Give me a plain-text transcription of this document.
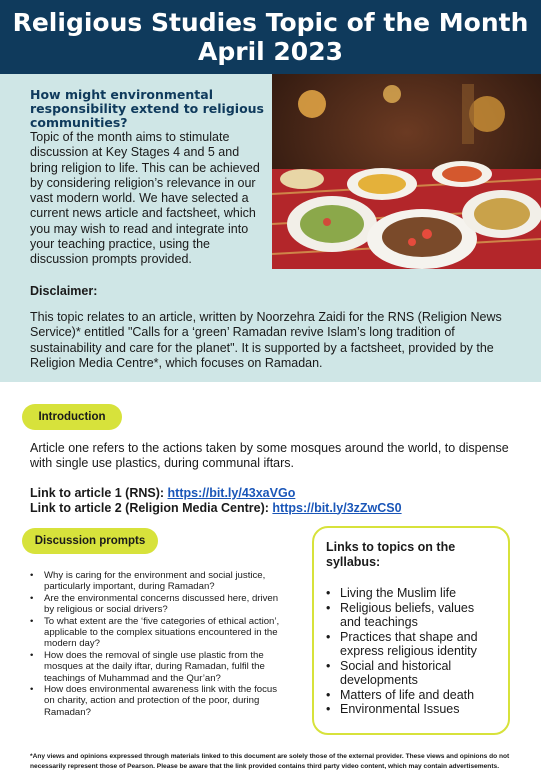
Religious Studies Topic of the Month
April 2023
How might environmental responsibility extend to religious communities?
Topic of the month aims to stimulate discussion at Key Stages 4 and 5 and bring religion to life. This can be achieved by considering religion’s relevance in our vast modern world. We have selected a current news article and factsheet, which you may wish to read and integrate into your teaching practice, using the discussion prompts provided.
Disclaimer:
This topic relates to an article, written by Noorzehra Zaidi for the RNS (Religion News Service)* entitled "Calls for a ‘green’ Ramadan revive Islam’s long tradition of sustainability and care for the planet". It is supported by a factsheet, provided by the Religion Media Centre*, which focuses on Ramadan.
Introduction
Article one refers to the actions taken by some mosques around the world, to dispense with single use plastics, during communal iftars.
Link to article 1 (RNS): https://bit.ly/43xaVGo
Link to article 2 (Religion Media Centre): https://bit.ly/3zZwCS0
Discussion prompts
• Why is caring for the environment and social justice, particularly important, during Ramadan?
• Are the environmental concerns discussed here, driven by religious or social drivers?
• To what extent are the ‘five categories of ethical action’, applicable to the complex situations encountered in the modern day?
• How does the removal of single use plastic from the mosques at the daily iftar, during Ramadan, fulfil the teachings of Muhammad and the Qur’an?
• How does environmental awareness link with the focus on charity, action and protection of the poor, during Ramadan?
Links to topics on the syllabus:
• Living the Muslim life
• Religious beliefs, values and teachings
• Practices that shape and express religious identity
• Social and historical developments
• Matters of life and death
• Environmental Issues
*Any views and opinions expressed through materials linked to this document are solely those of the external provider. These views and opinions do not necessarily represent those of Pearson. Please be aware that the link provided contains third party video content, which may contain advertisements.
